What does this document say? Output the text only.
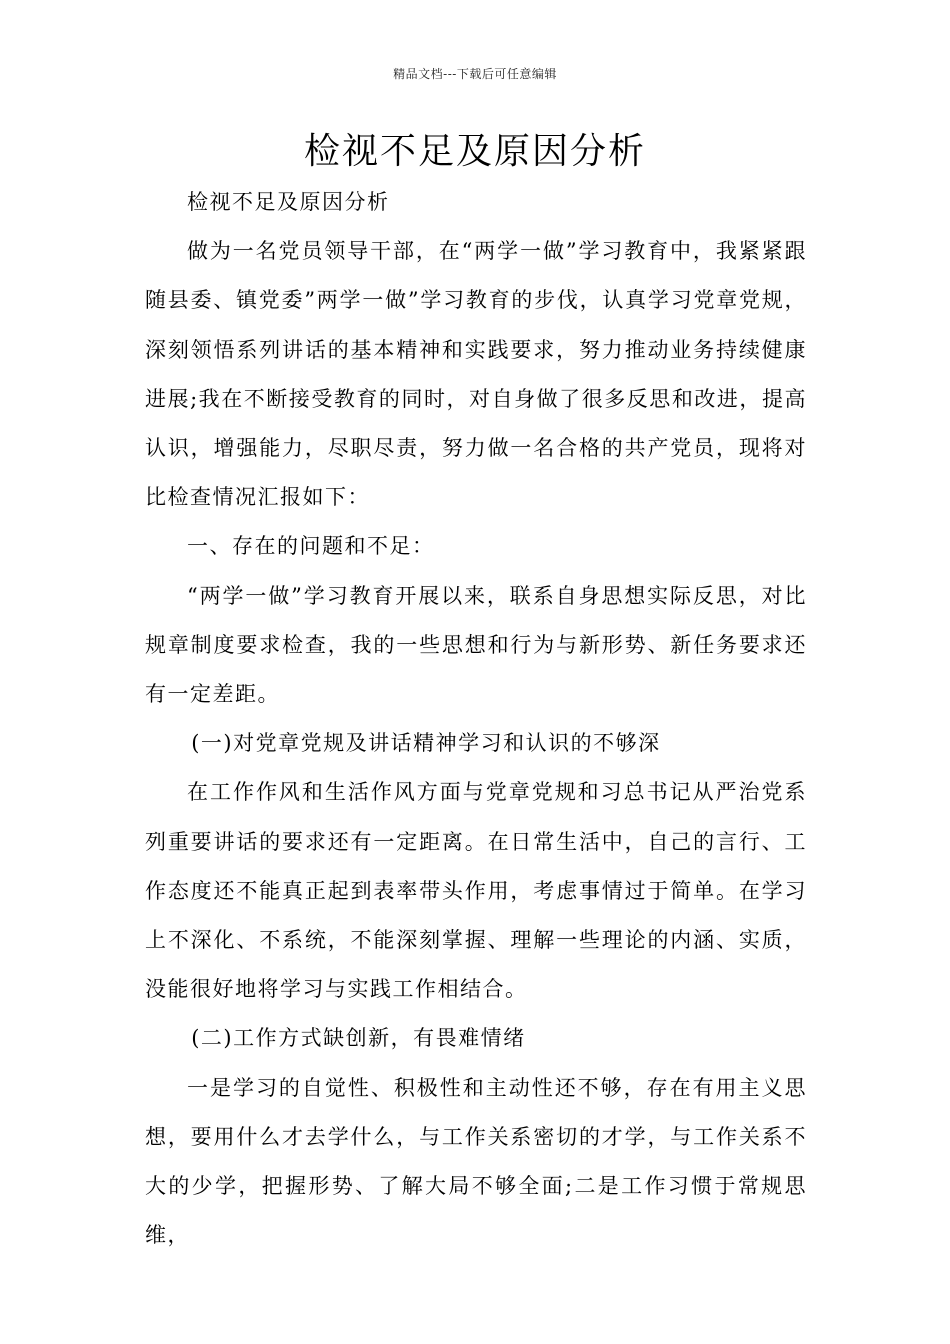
精品文档---下载后可任意编辑
检视不足及原因分析

检视不足及原因分析

做为一名党员领导干部，在“两学一做”学习教育中，我紧紧跟随县委、镇党委”两学一做”学习教育的步伐，认真学习党章党规，深刻领悟系列讲话的基本精神和实践要求，努力推动业务持续健康进展;我在不断接受教育的同时，对自身做了很多反思和改进，提高认识，增强能力，尽职尽责，努力做一名合格的共产党员，现将对比检查情况汇报如下：

一、存在的问题和不足：

“两学一做”学习教育开展以来，联系自身思想实际反思，对比规章制度要求检查，我的一些思想和行为与新形势、新任务要求还有一定差距。

(一)对党章党规及讲话精神学习和认识的不够深

在工作作风和生活作风方面与党章党规和习总书记从严治党系列重要讲话的要求还有一定距离。在日常生活中，自己的言行、工作态度还不能真正起到表率带头作用，考虑事情过于简单。在学习上不深化、不系统，不能深刻掌握、理解一些理论的内涵、实质，没能很好地将学习与实践工作相结合。

(二)工作方式缺创新，有畏难情绪

一是学习的自觉性、积极性和主动性还不够，存在有用主义思想，要用什么才去学什么，与工作关系密切的才学，与工作关系不大的少学，把握形势、了解大局不够全面;二是工作习惯于常规思维，
